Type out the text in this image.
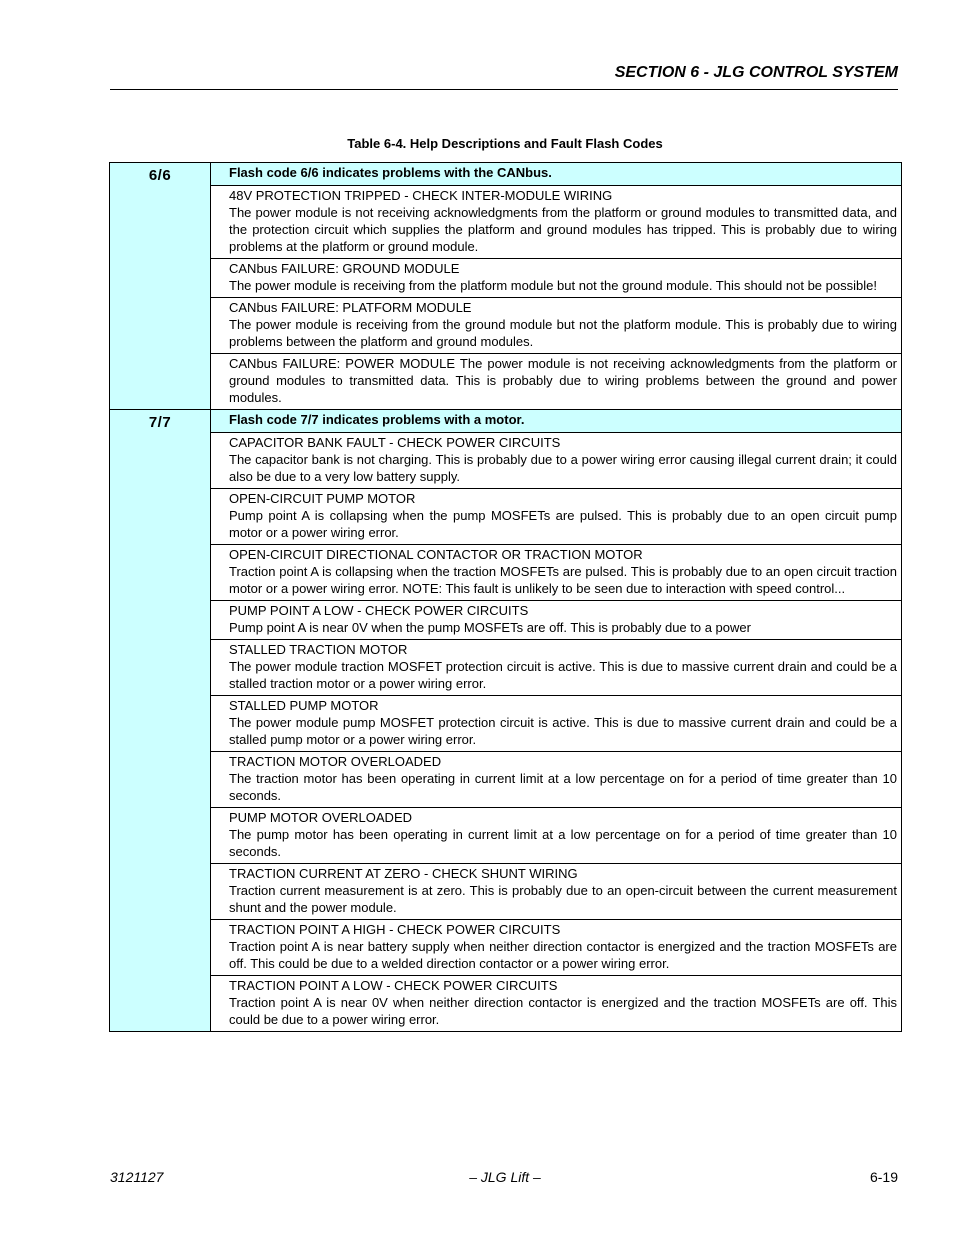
SECTION 6 - JLG CONTROL SYSTEM
Table 6-4. Help Descriptions and Fault Flash Codes
6/6	Flash code 6/6 indicates problems with the CANbus.

	48V PROTECTION TRIPPED - CHECK INTER-MODULE WIRING
The power module is not receiving acknowledgments from the platform or ground modules to transmitted data, and the protection circuit which supplies the platform and ground modules has tripped. This is probably due to wiring problems at the platform or ground module.

	CANbus FAILURE: GROUND MODULE
The power module is receiving from the platform module but not the ground module. This should not be possible!

	CANbus FAILURE: PLATFORM MODULE
The power module is receiving from the ground module but not the platform module. This is probably due to wiring problems between the platform and ground modules.

	CANbus FAILURE: POWER MODULE The power module is not receiving acknowledgments from the platform or ground modules to transmitted data. This is probably due to wiring problems between the ground and power modules.

7/7	Flash code 7/7 indicates problems with a motor.

	CAPACITOR BANK FAULT - CHECK POWER CIRCUITS
The capacitor bank is not charging. This is probably due to a power wiring error causing illegal current drain; it could also be due to a very low battery supply.

	OPEN-CIRCUIT PUMP MOTOR
Pump point A is collapsing when the pump MOSFETs are pulsed. This is probably due to an open circuit pump motor or a power wiring error.

	OPEN-CIRCUIT DIRECTIONAL CONTACTOR OR TRACTION MOTOR
Traction point A is collapsing when the traction MOSFETs are pulsed. This is probably due to an open circuit traction motor or a power wiring error. NOTE: This fault is unlikely to be seen due to interaction with speed control...

	PUMP POINT A LOW - CHECK POWER CIRCUITS
Pump point A is near 0V when the pump MOSFETs are off. This is probably due to a power

	STALLED TRACTION MOTOR
The power module traction MOSFET protection circuit is active. This is due to massive current drain and could be a stalled traction motor or a power wiring error.

	STALLED PUMP MOTOR
The power module pump MOSFET protection circuit is active. This is due to massive current drain and could be a stalled pump motor or a power wiring error.

	TRACTION MOTOR OVERLOADED
The traction motor has been operating in current limit at a low percentage on for a period of time greater than 10 seconds.

	PUMP MOTOR OVERLOADED
The pump motor has been operating in current limit at a low percentage on for a period of time greater than 10 seconds.

	TRACTION CURRENT AT ZERO - CHECK SHUNT WIRING
Traction current measurement is at zero. This is probably due to an open-circuit between the current measurement shunt and the power module.

	TRACTION POINT A HIGH - CHECK POWER CIRCUITS
Traction point A is near battery supply when neither direction contactor is energized and the traction MOSFETs are off. This could be due to a welded direction contactor or a power wiring error.

	TRACTION POINT A LOW - CHECK POWER CIRCUITS
Traction point A is near 0V when neither direction contactor is energized and the traction MOSFETs are off. This could be due to a power wiring error.
3121127	– JLG Lift –	6-19
